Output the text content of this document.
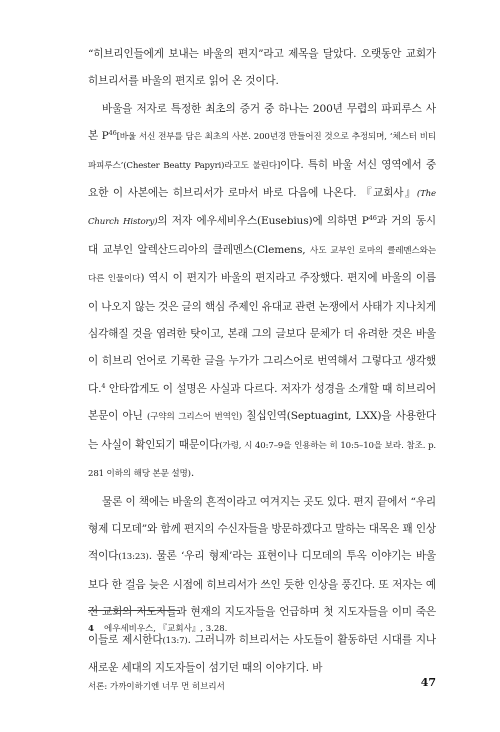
“히브리인들에게 보내는 바울의 편지”라고 제목을 달았다. 오랫동안 교회가 히브리서를 바울의 편지로 읽어 온 것이다.

바울을 저자로 특정한 최초의 증거 중 하나는 200년 무렵의 파피루스 사본 $P^{46}$[바울 서신 전부를 담은 최초의 사본. 200년경 만들어진 것으로 추정되며, ‘체스터 비티 파피루스’(Chester Beatty Papyri)라고도 불린다]이다. 특히 바울 서신 영역에서 중요한 이 사본에는 히브리서가 로마서 바로 다음에 나온다. 『교회사』(The Church History)의 저자 에우세비우스(Eusebius)에 의하면 $P^{46}$과 거의 동시대 교부인 알렉산드리아의 클레멘스(Clemens, 사도 교부인 로마의 클레멘스와는 다른 인물이다) 역시 이 편지가 바울의 편지라고 주장했다. 편지에 바울의 이름이 나오지 않는 것은 글의 핵심 주제인 유대교 관련 논쟁에서 사태가 지나치게 심각해질 것을 염려한 탓이고, 본래 그의 글보다 문체가 더 유려한 것은 바울이 히브리 언어로 기록한 글을 누가가 그리스어로 번역해서 그렇다고 생각했다.$^4$ 안타깝게도 이 설명은 사실과 다르다. 저자가 성경을 소개할 때 히브리어 본문이 아닌 (구약의 그리스어 번역인) 칠십인역(Septuagint, LXX)을 사용한다는 사실이 확인되기 때문이다(가령, 시 40:7–9을 인용하는 히 10:5–10을 보라. 참조. p. 281 이하의 해당 본문 설명).

물론 이 책에는 바울의 흔적이라고 여겨지는 곳도 있다. 편지 끝에서 “우리 형제 디모데”와 함께 편지의 수신자들을 방문하겠다고 말하는 대목은 꽤 인상적이다(13:23). 물론 ‘우리 형제’라는 표현이나 디모데의 투옥 이야기는 바울보다 한 걸음 늦은 시점에 히브리서가 쓰인 듯한 인상을 풍긴다. 또 저자는 예전 교회의 지도자들과 현재의 지도자들을 언급하며 첫 지도자들을 이미 죽은 이들로 제시한다(13:7). 그러니까 히브리서는 사도들이 활동하던 시대를 지나 새로운 세대의 지도자들이 섬기던 때의 이야기다. 바

4 에우세비우스, 『교회사』, 3.28.
서론: 가까이하기엔 너무 먼 히브리서	47
